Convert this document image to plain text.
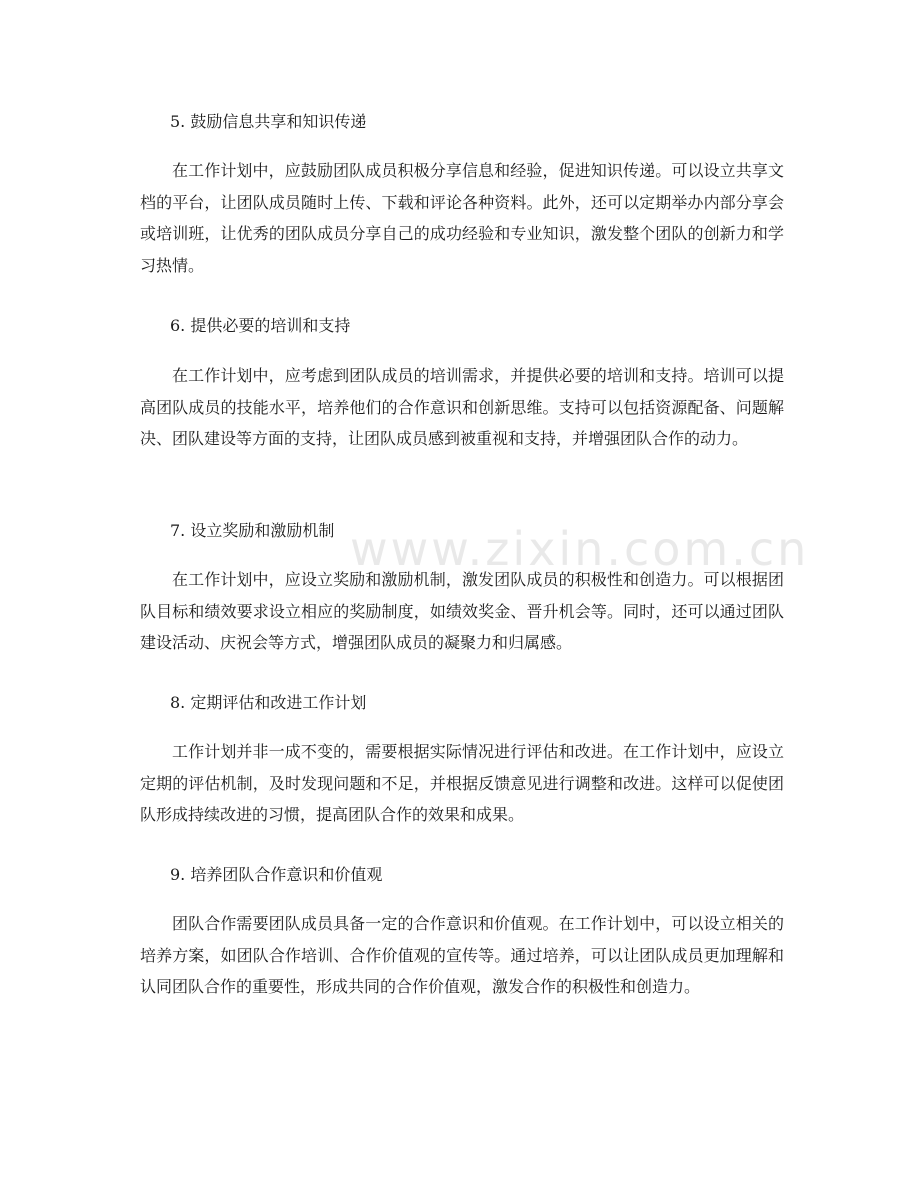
www.zixin.com.cn
5. 鼓励信息共享和知识传递

在工作计划中，应鼓励团队成员积极分享信息和经验，促进知识传递。可以设立共享文档的平台，让团队成员随时上传、下载和评论各种资料。此外，还可以定期举办内部分享会或培训班，让优秀的团队成员分享自己的成功经验和专业知识，激发整个团队的创新力和学习热情。

6. 提供必要的培训和支持

在工作计划中，应考虑到团队成员的培训需求，并提供必要的培训和支持。培训可以提高团队成员的技能水平，培养他们的合作意识和创新思维。支持可以包括资源配备、问题解决、团队建设等方面的支持，让团队成员感到被重视和支持，并增强团队合作的动力。

7. 设立奖励和激励机制

在工作计划中，应设立奖励和激励机制，激发团队成员的积极性和创造力。可以根据团队目标和绩效要求设立相应的奖励制度，如绩效奖金、晋升机会等。同时，还可以通过团队建设活动、庆祝会等方式，增强团队成员的凝聚力和归属感。

8. 定期评估和改进工作计划

工作计划并非一成不变的，需要根据实际情况进行评估和改进。在工作计划中，应设立定期的评估机制，及时发现问题和不足，并根据反馈意见进行调整和改进。这样可以促使团队形成持续改进的习惯，提高团队合作的效果和成果。

9. 培养团队合作意识和价值观

团队合作需要团队成员具备一定的合作意识和价值观。在工作计划中，可以设立相关的培养方案，如团队合作培训、合作价值观的宣传等。通过培养，可以让团队成员更加理解和认同团队合作的重要性，形成共同的合作价值观，激发合作的积极性和创造力。
